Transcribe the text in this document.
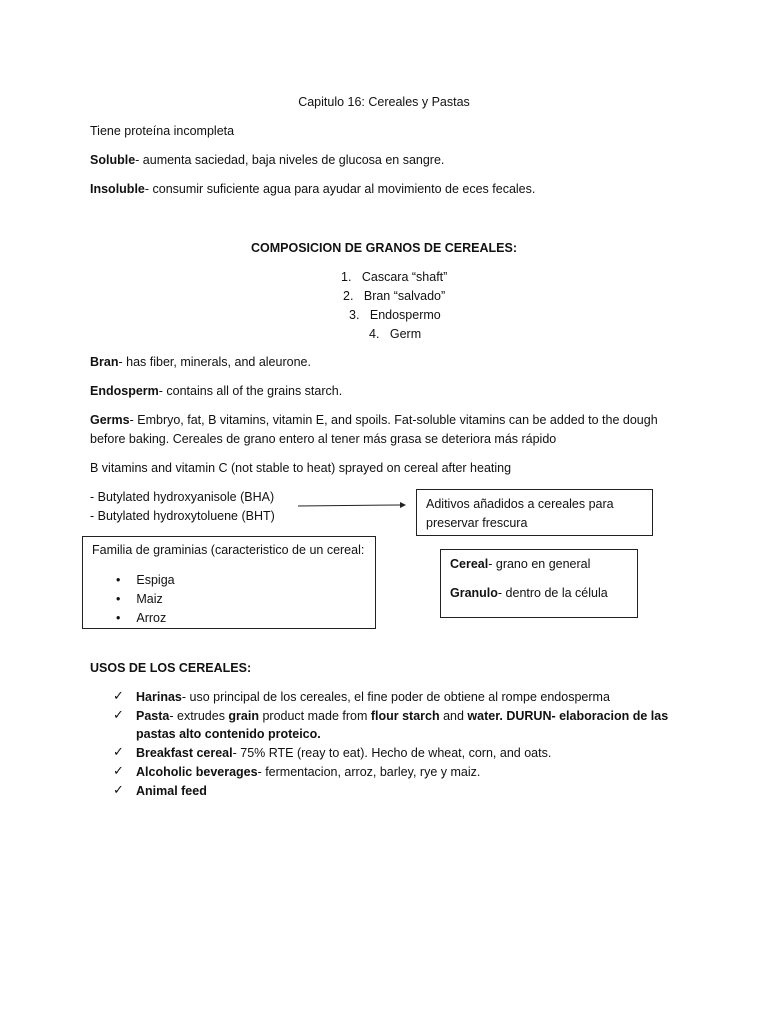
Capitulo 16: Cereales y Pastas
Tiene proteína incompleta
Soluble- aumenta saciedad, baja niveles de glucosa en sangre.
Insoluble- consumir suficiente agua para ayudar al movimiento de eces fecales.
COMPOSICION DE GRANOS DE CEREALES:
1. Cascara “shaft”
2. Bran “salvado”
3. Endospermo
4. Germ
Bran- has fiber, minerals, and aleurone.
Endosperm- contains all of the grains starch.
Germs- Embryo, fat, B vitamins, vitamin E, and spoils. Fat-soluble vitamins can be added to the dough
before baking. Cereales de grano entero al tener más grasa se deteriora más rápido
B vitamins and vitamin C (not stable to heat) sprayed on cereal after heating
- Butylated hydroxyanisole (BHA)
- Butylated hydroxytoluene (BHT)
Aditivos añadidos a cereales para
preservar frescura
Familia de graminias (caracteristico de un cereal:
• Espiga
• Maiz
• Arroz
Cereal- grano en general
Granulo- dentro de la célula
USOS DE LOS CEREALES:
✓ Harinas- uso principal de los cereales, el fine poder de obtiene al rompe endosperma
✓ Pasta- extrudes grain product made from flour starch and water. DURUN- elaboracion de las
pastas alto contenido proteico.
✓ Breakfast cereal- 75% RTE (reay to eat). Hecho de wheat, corn, and oats.
✓ Alcoholic beverages- fermentacion, arroz, barley, rye y maiz.
✓ Animal feed
